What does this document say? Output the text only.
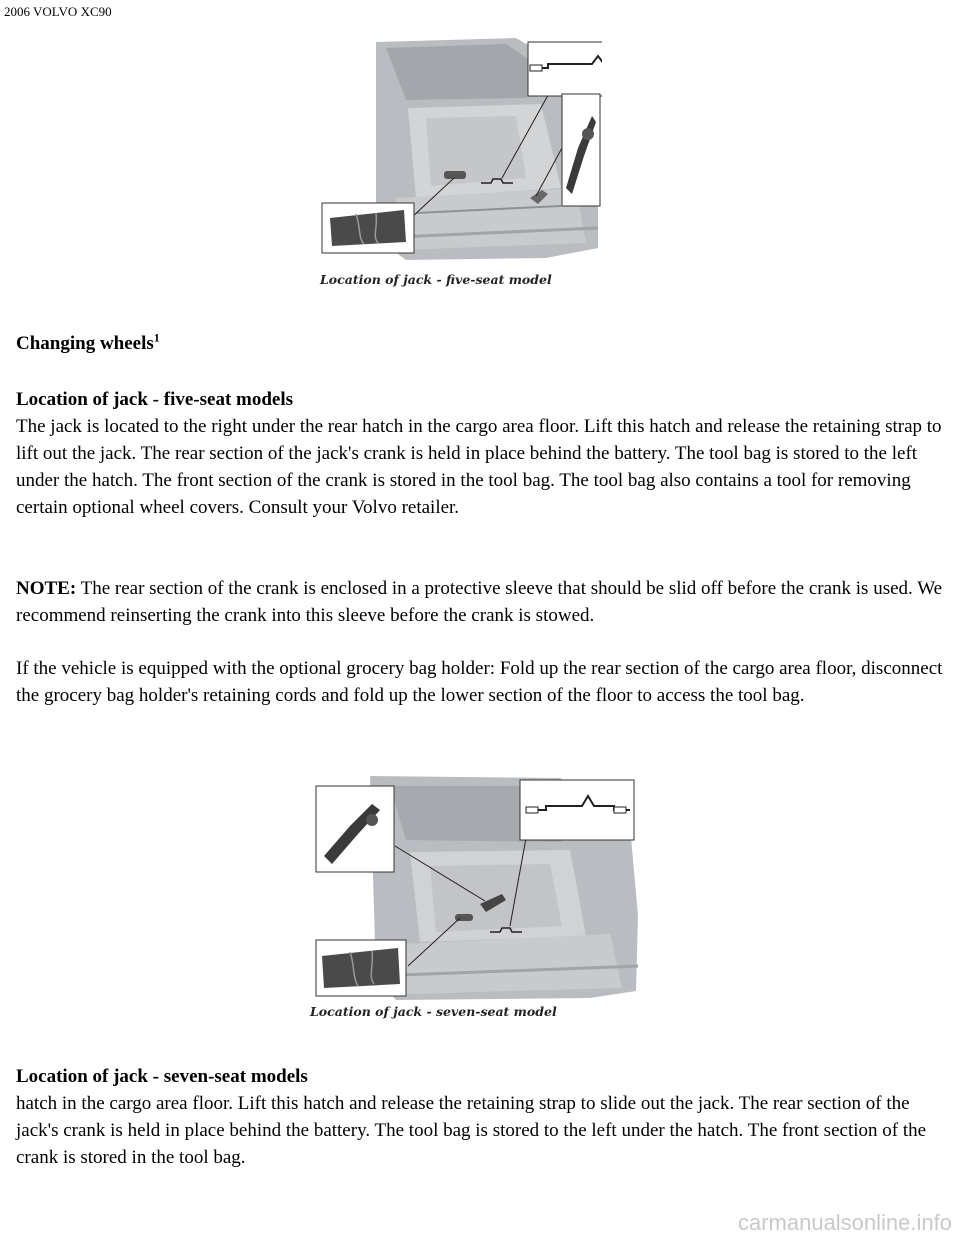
2006 VOLVO XC90
Location of jack - five-seat model

Changing wheels$^1$

Location of jack - five-seat models

The jack is located to the right under the rear hatch in the cargo area floor. Lift this hatch and release the retaining strap to lift out the jack. The rear section of the jack's crank is held in place behind the battery. The tool bag is stored to the left under the hatch. The front section of the crank is stored in the tool bag. The tool bag also contains a tool for removing certain optional wheel covers. Consult your Volvo retailer.

NOTE: The rear section of the crank is enclosed in a protective sleeve that should be slid off before the crank is used. We recommend reinserting the crank into this sleeve before the crank is stowed.

If the vehicle is equipped with the optional grocery bag holder: Fold up the rear section of the cargo area floor, disconnect the grocery bag holder's retaining cords and fold up the lower section of the floor to access the tool bag.
Location of jack - seven-seat model

Location of jack - seven-seat models

hatch in the cargo area floor. Lift this hatch and release the retaining strap to slide out the jack. The rear section of the jack's crank is held in place behind the battery. The tool bag is stored to the left under the hatch. The front section of the crank is stored in the tool bag.

carmanualsonline.info
